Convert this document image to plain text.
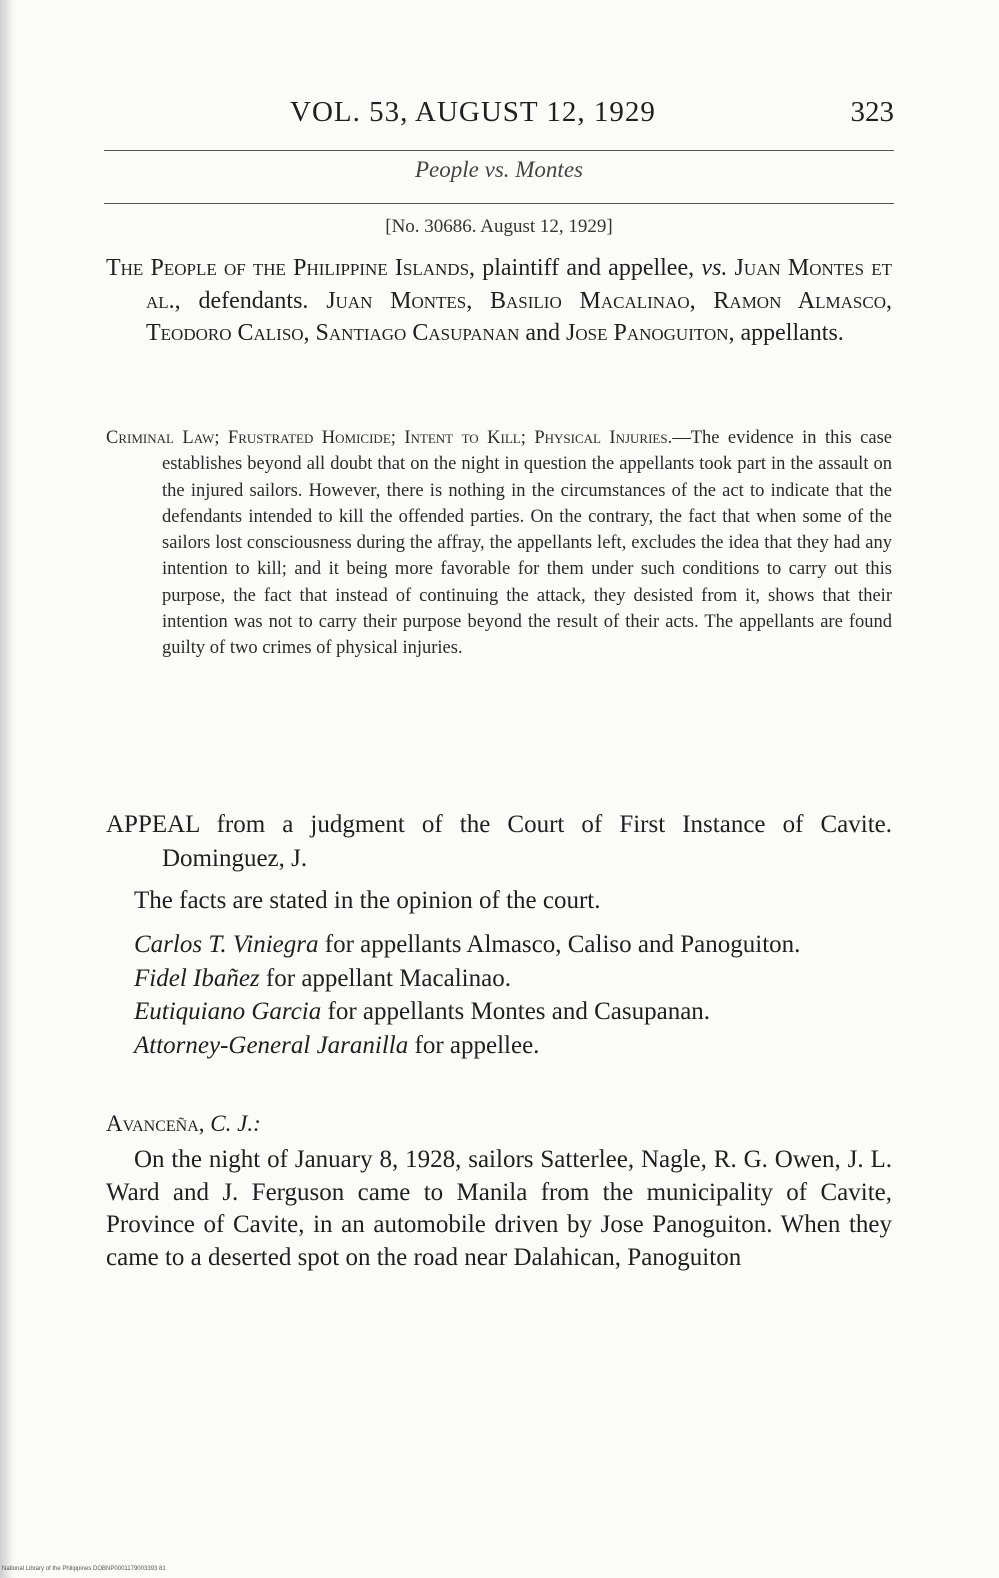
VOL. 53, AUGUST 12, 1929	323
People vs. Montes
[No. 30686. August 12, 1929]

The People of the Philippine Islands, plaintiff and appellee, vs. Juan Montes et al., defendants. Juan Montes, Basilio Macalinao, Ramon Almasco, Teodoro Caliso, Santiago Casupanan and Jose Panoguiton, appellants.

Criminal Law; Frustrated Homicide; Intent to Kill; Physical Injuries.—The evidence in this case establishes beyond all doubt that on the night in question the appellants took part in the assault on the injured sailors. However, there is nothing in the circumstances of the act to indicate that the defendants intended to kill the offended parties. On the contrary, the fact that when some of the sailors lost consciousness during the affray, the appellants left, excludes the idea that they had any intention to kill; and it being more favorable for them under such conditions to carry out this purpose, the fact that instead of continuing the attack, they desisted from it, shows that their intention was not to carry their purpose beyond the result of their acts. The appellants are found guilty of two crimes of physical injuries.

APPEAL from a judgment of the Court of First Instance of Cavite. Dominguez, J.

The facts are stated in the opinion of the court.

Carlos T. Viniegra for appellants Almasco, Caliso and Panoguiton.

Fidel Ibañez for appellant Macalinao.

Eutiquiano Garcia for appellants Montes and Casupanan.

Attorney-General Jaranilla for appellee.

Avanceña, C. J.:

On the night of January 8, 1928, sailors Satterlee, Nagle, R. G. Owen, J. L. Ward and J. Ferguson came to Manila from the municipality of Cavite, Province of Cavite, in an automobile driven by Jose Panoguiton. When they came to a deserted spot on the road near Dalahican, Panoguiton

National Library of the Philippines DOBNP0001179003393 81
